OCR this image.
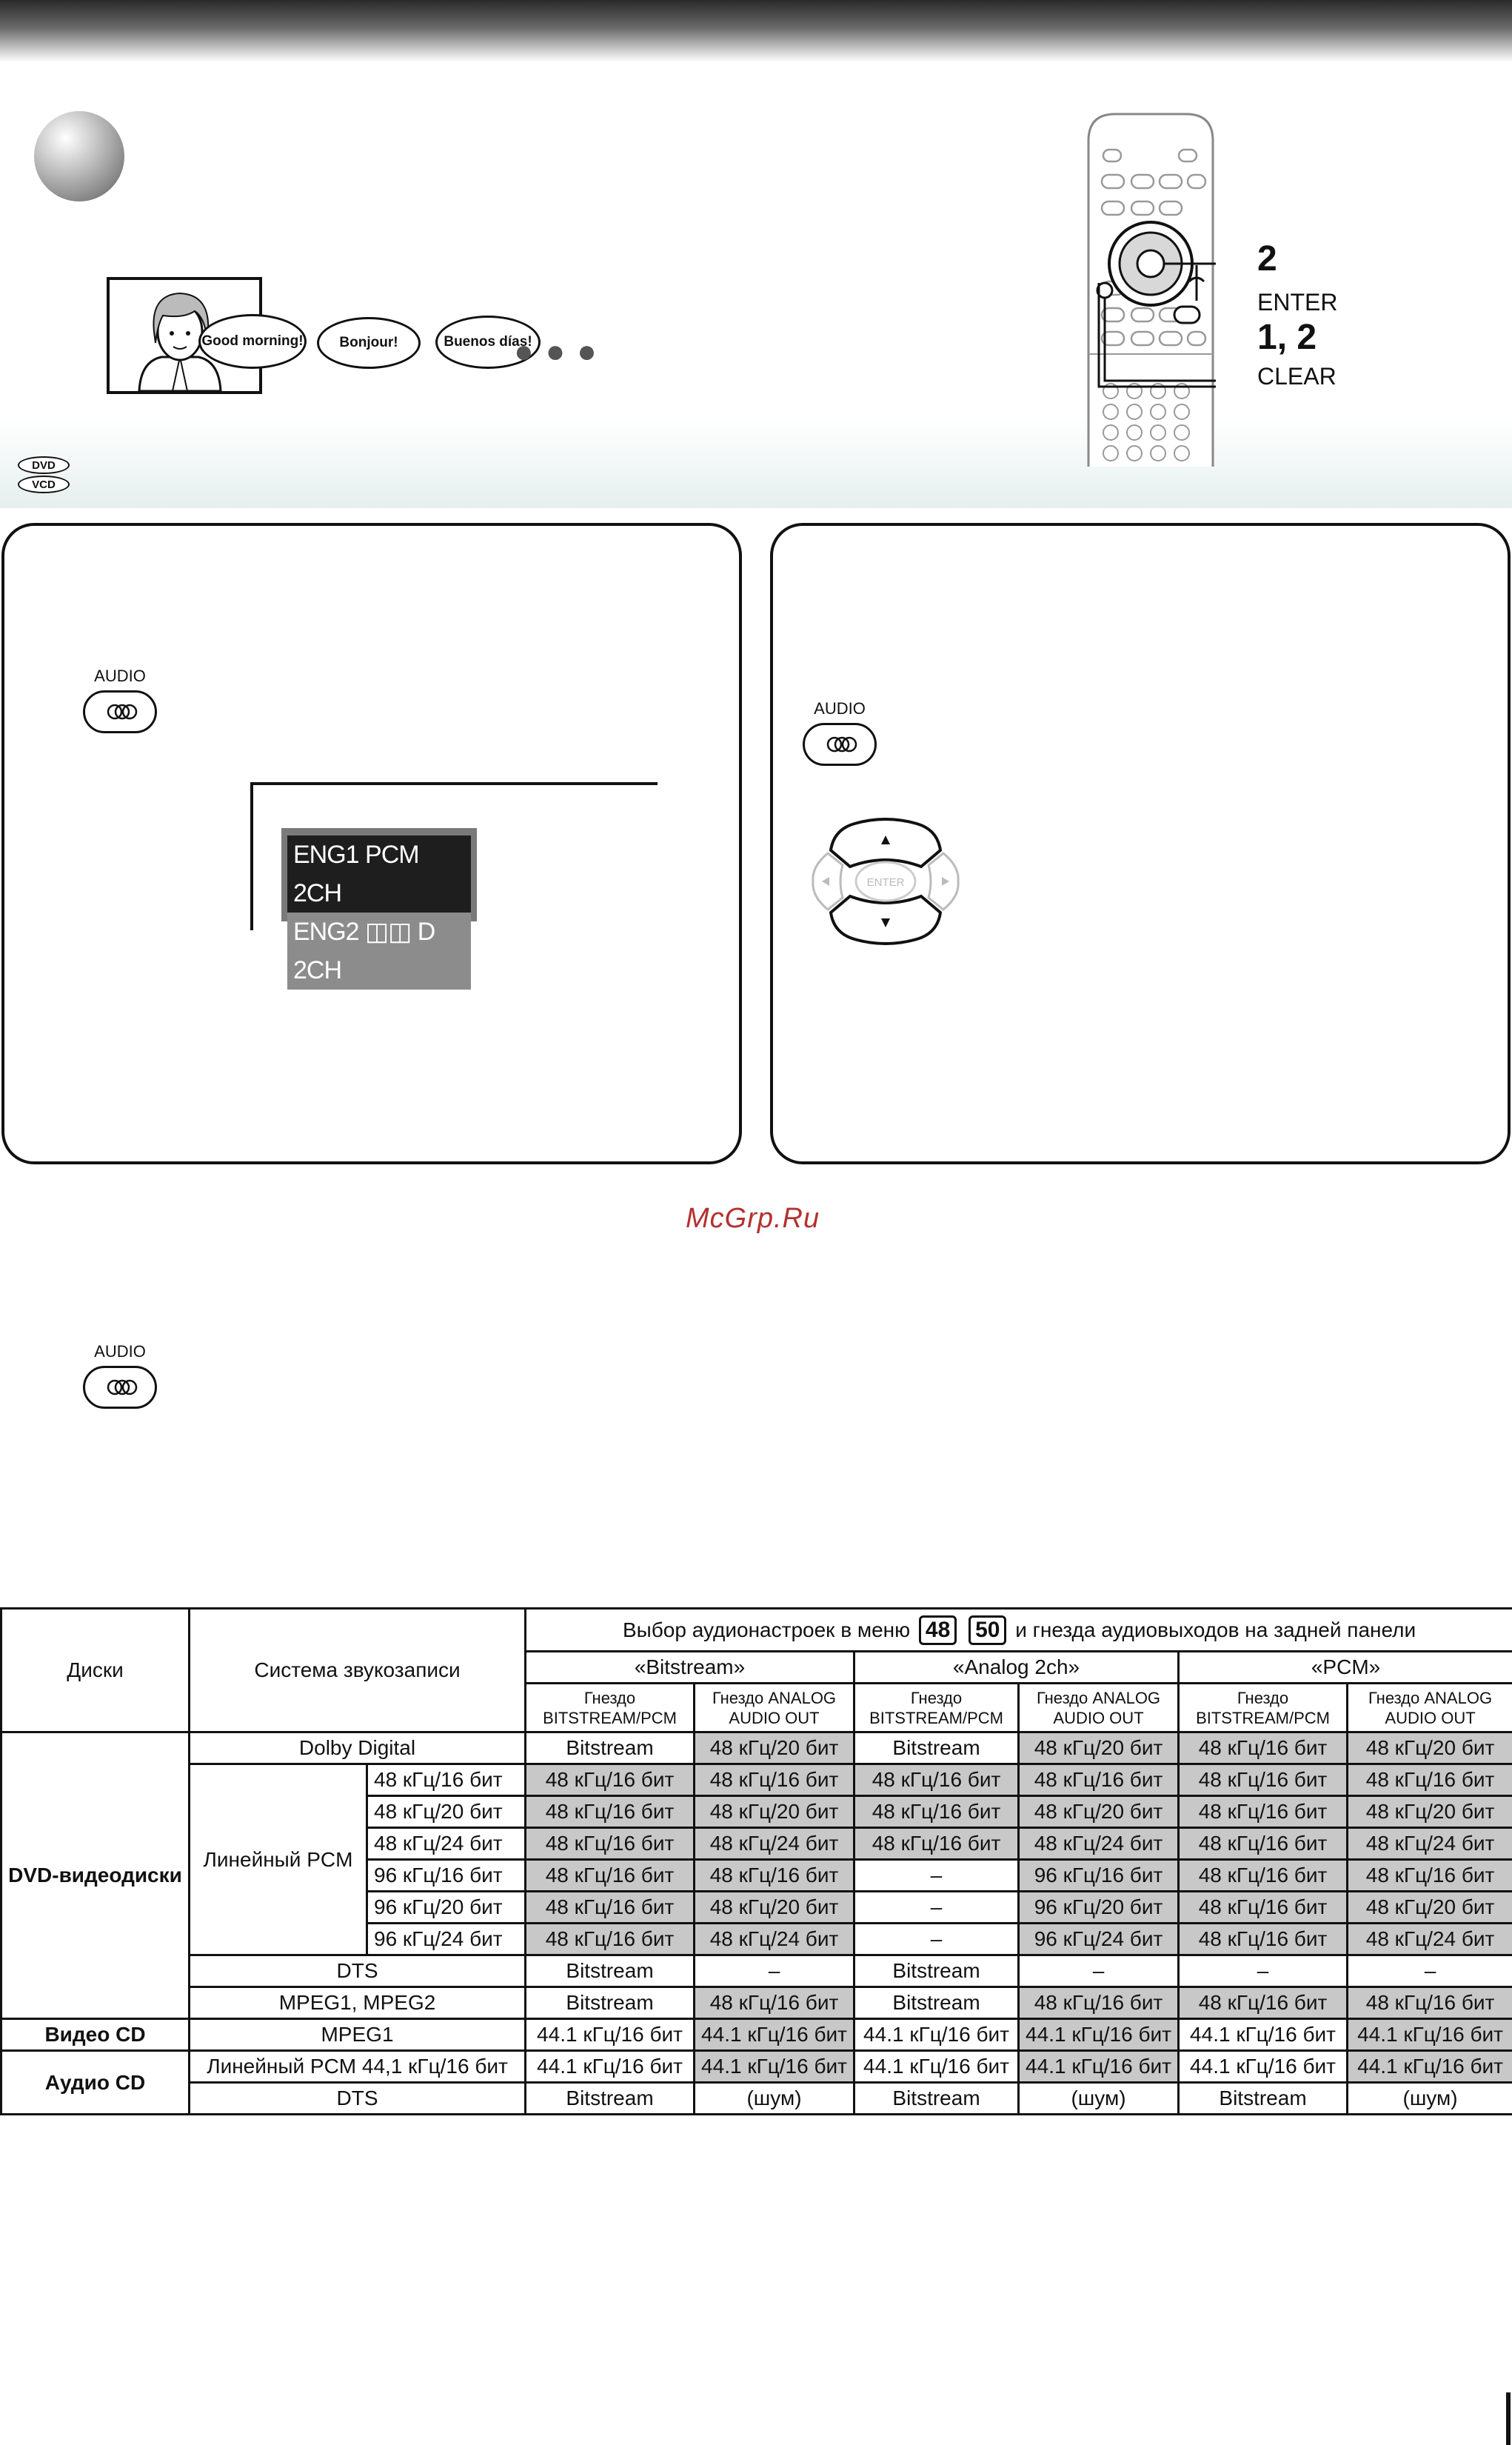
Good morning!	Bonjour!	Buenos días!
●●●
DVD
VCD
2
ENTER
1, 2
CLEAR
AUDIO
ENG1 PCM 2CH
ENG2 ◫◫ D 2CH
AUDIO
ENTER
McGrp.Ru
AUDIO
Диски	Система звукозаписи		Выбор аудионастроек в меню 48 50 и гнезда аудиовыходов на задней панели					
			«Bitstream»		«Analog 2ch»		«PCM»	
			Гнездо BITSTREAM/PCM	Гнездо ANALOG AUDIO OUT	Гнездо BITSTREAM/PCM	Гнездо ANALOG AUDIO OUT	Гнездо BITSTREAM/PCM	Гнездо ANALOG AUDIO OUT
DVD-видеодиски	Dolby Digital		Bitstream	48 кГц/20 бит	Bitstream	48 кГц/20 бит	48 кГц/16 бит	48 кГц/20 бит
	Линейный PCM	48 кГц/16 бит	48 кГц/16 бит	48 кГц/16 бит	48 кГц/16 бит	48 кГц/16 бит	48 кГц/16 бит	48 кГц/16 бит
		48 кГц/20 бит	48 кГц/16 бит	48 кГц/20 бит	48 кГц/16 бит	48 кГц/20 бит	48 кГц/16 бит	48 кГц/20 бит
		48 кГц/24 бит	48 кГц/16 бит	48 кГц/24 бит	48 кГц/16 бит	48 кГц/24 бит	48 кГц/16 бит	48 кГц/24 бит
		96 кГц/16 бит	48 кГц/16 бит	48 кГц/16 бит	–	96 кГц/16 бит	48 кГц/16 бит	48 кГц/16 бит
		96 кГц/20 бит	48 кГц/16 бит	48 кГц/20 бит	–	96 кГц/20 бит	48 кГц/16 бит	48 кГц/20 бит
		96 кГц/24 бит	48 кГц/16 бит	48 кГц/24 бит	–	96 кГц/24 бит	48 кГц/16 бит	48 кГц/24 бит
	DTS		Bitstream	–	Bitstream	–	–	–
	MPEG1, MPEG2		Bitstream	48 кГц/16 бит	Bitstream	48 кГц/16 бит	48 кГц/16 бит	48 кГц/16 бит
Видео CD	MPEG1		44.1 кГц/16 бит	44.1 кГц/16 бит	44.1 кГц/16 бит	44.1 кГц/16 бит	44.1 кГц/16 бит	44.1 кГц/16 бит
Аудио CD	Линейный PCM 44,1 кГц/16 бит		44.1 кГц/16 бит	44.1 кГц/16 бит	44.1 кГц/16 бит	44.1 кГц/16 бит	44.1 кГц/16 бит	44.1 кГц/16 бит
	DTS		Bitstream	(шум)	Bitstream	(шум)	Bitstream	(шум)
